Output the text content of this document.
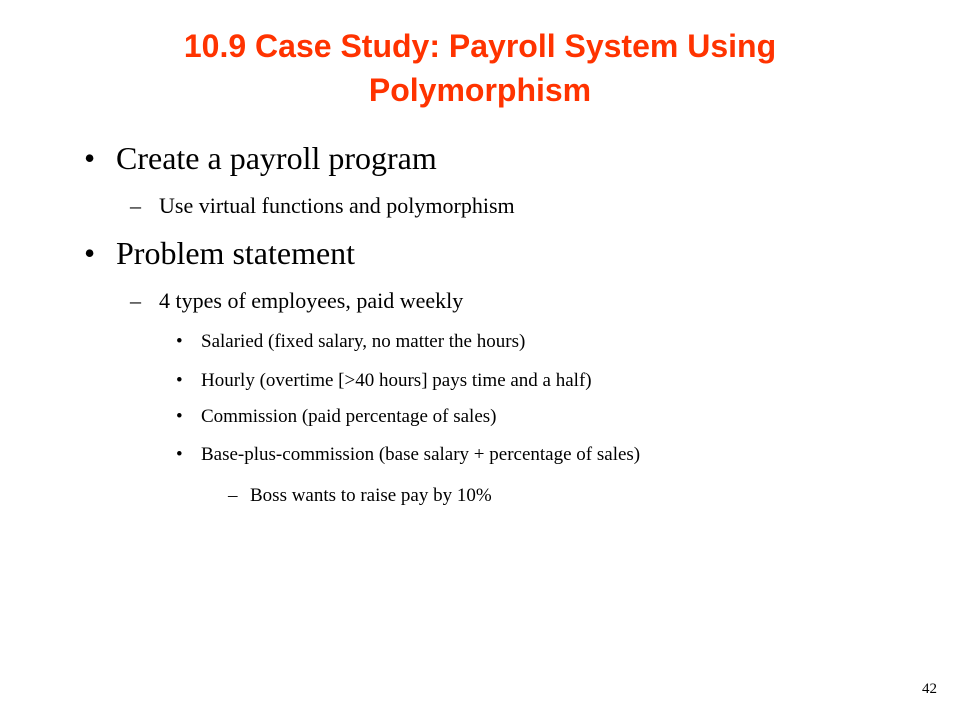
10.9 Case Study: Payroll System Using
Polymorphism
• Create a payroll program
– Use virtual functions and polymorphism
• Problem statement
– 4 types of employees, paid weekly
• Salaried (fixed salary, no matter the hours)
• Hourly (overtime [>40 hours] pays time and a half)
• Commission (paid percentage of sales)
• Base-plus-commission (base salary + percentage of sales)
– Boss wants to raise pay by 10%
42
